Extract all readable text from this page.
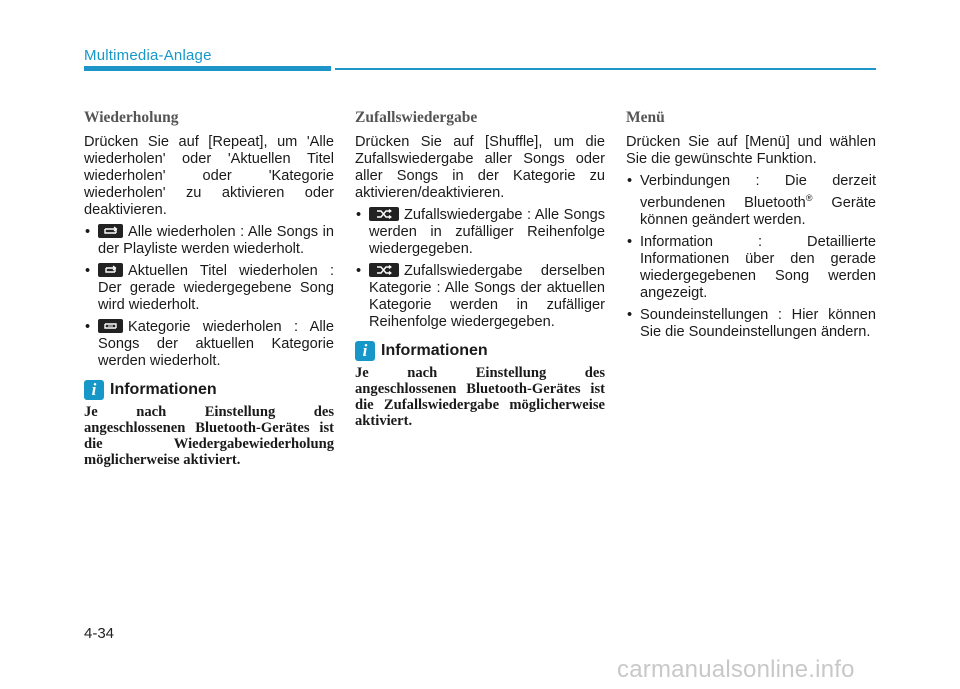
Multimedia-Anlage
Wiederholung
Drücken Sie auf [Repeat], um 'Alle wiederholen' oder 'Aktuellen Titel wiederholen' oder 'Kategorie wiederholen' zu aktivieren oder deaktivieren.
•	Alle wiederholen : Alle Songs in der Playliste werden wiederholt.
•	Aktuellen Titel wiederholen : Der gerade wiedergegebene Song wird wiederholt.
•	Kategorie wiederholen : Alle Songs der aktuellen Kategorie werden wiederholt.
i Informationen
Je nach Einstellung des angeschlossenen Bluetooth-Gerätes ist die Wiedergabewiederholung möglicherweise aktiviert.
Zufallswiedergabe
Drücken Sie auf [Shuffle], um die Zufallswiedergabe aller Songs oder aller Songs in der Kategorie zu aktivieren/deaktivieren.
•	Zufallswiedergabe : Alle Songs werden in zufälliger Reihenfolge wiedergegeben.
•	Zufallswiedergabe derselben Kategorie : Alle Songs der aktuellen Kategorie werden in zufälliger Reihenfolge wiedergegeben.
i Informationen
Je nach Einstellung des angeschlossenen Bluetooth-Gerätes ist die Zufallswiedergabe möglicherweise aktiviert.
Menü
Drücken Sie auf [Menü] und wählen Sie die gewünschte Funktion.
• Verbindungen : Die derzeit verbundenen Bluetooth® Geräte können geändert werden.
• Information : Detaillierte Informationen über den gerade wiedergegebenen Song werden angezeigt.
• Soundeinstellungen : Hier können Sie die Soundeinstellungen ändern.
4-34
carmanualsonline.info
